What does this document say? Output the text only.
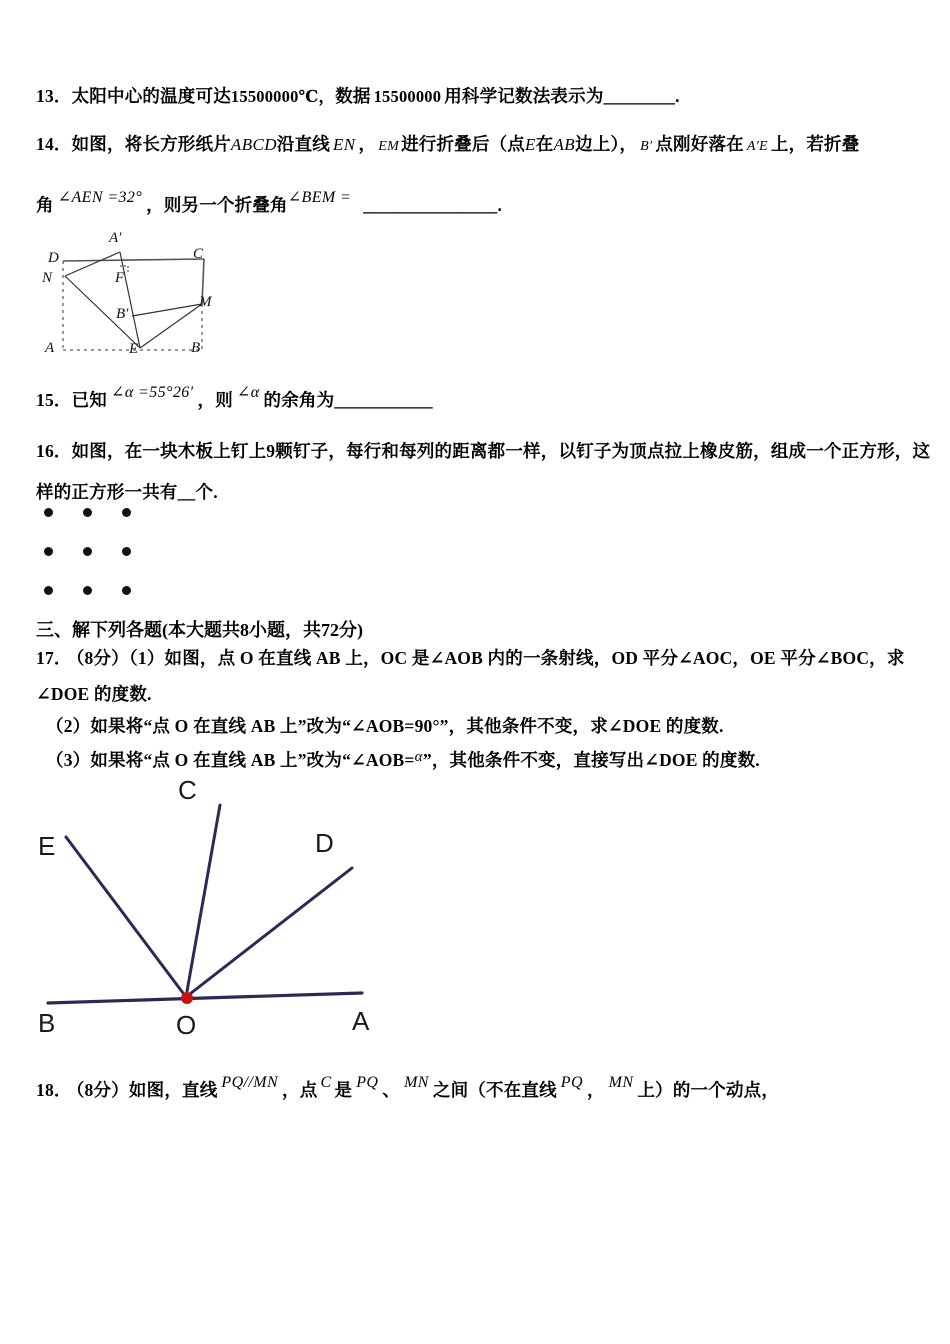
13．太阳中心的温度可达15500000℃，数据 15500000 用科学记数法表示为________.
14．如图，将长方形纸片ABCD沿直线 EN ， EM 进行折叠后（点E在AB边上）， B′ 点刚好落在 A′E 上，若折叠
角 ∠AEN =32° ，则另一个折叠角∠BEM = _______________.
D
A′
C
N	F
M
B′
A	E	B
15．已知 ∠α =55°26′ ，则 ∠α 的余角为___________
16．如图，在一块木板上钉上9颗钉子，每行和每列的距离都一样，以钉子为顶点拉上橡皮筋，组成一个正方形，这
样的正方形一共有__个.
三、解下列各题(本大题共8小题，共72分)
17． （8分）（1）如图，点 O 在直线 AB 上，OC 是∠AOB 内的一条射线，OD 平分∠AOC，OE 平分∠BOC，求
∠DOE 的度数.
（2）如果将“点 O 在直线 AB 上”改为“∠AOB=90°”，其他条件不变，求∠DOE 的度数.
（3）如果将“点 O 在直线 AB 上”改为“∠AOB=α”，其他条件不变，直接写出∠DOE 的度数.
C
E	D
B	O	A
18． （8分）如图，直线 PQ//MN ，点 C 是 PQ 、 MN 之间（不在直线 PQ ， MN 上）的一个动点，
